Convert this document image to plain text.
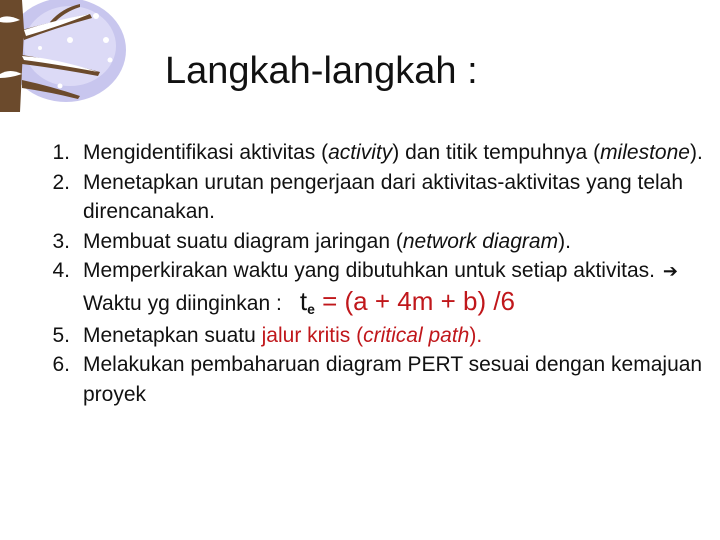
Langkah-langkah :
1. Mengidentifikasi aktivitas (activity) dan titik tempuhnya (milestone).
2. Menetapkan urutan pengerjaan dari aktivitas-aktivitas yang telah direncanakan.
3. Membuat suatu diagram jaringan (network diagram).
4. Memperkirakan waktu yang dibutuhkan untuk setiap aktivitas. ➔Waktu yg diinginkan : te = (a + 4m + b) /6
5. Menetapkan suatu jalur kritis (critical path).
6. Melakukan pembaharuan diagram PERT sesuai dengan kemajuan proyek
